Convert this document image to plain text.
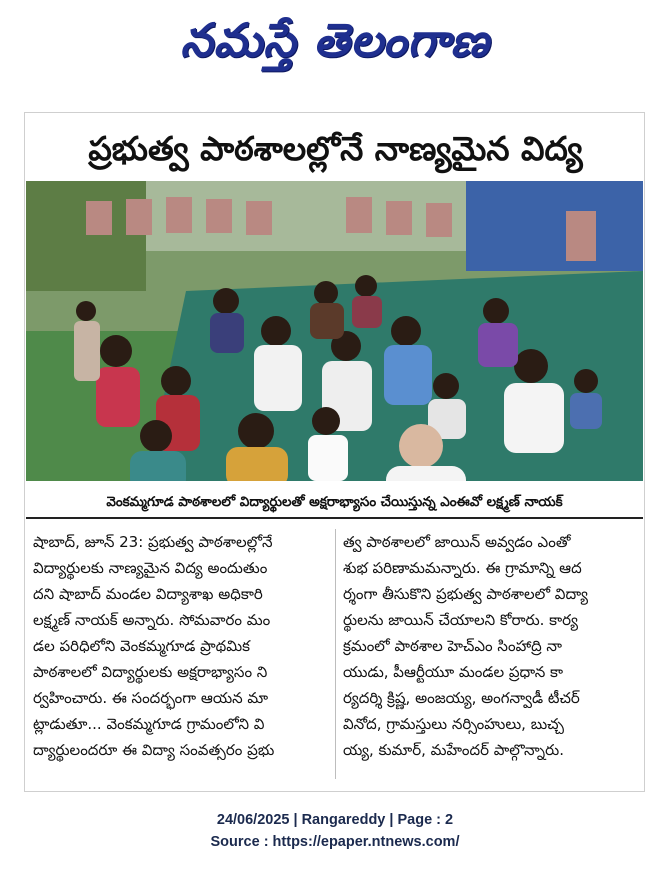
నమస్తే తెలంగాణ
ప్రభుత్వ పాఠశాలల్లోనే నాణ్యమైన విద్య
వెంకమ్మగూడ పాఠశాలలో విద్యార్థులతో అక్షరాభ్యాసం చేయిస్తున్న ఎంఈవో లక్ష్మణ్ నాయక్
షాబాద్, జూన్ 23: ప్రభుత్వ పాఠశాలల్లోనే
విద్యార్థులకు నాణ్యమైన విద్య అందుతుం
దని షాబాద్ మండల విద్యాశాఖ అధికారి
లక్ష్మణ్ నాయక్ అన్నారు. సోమవారం మం
డల పరిధిలోని వెంకమ్మగూడ ప్రాథమిక
పాఠశాలలో విద్యార్థులకు అక్షరాభ్యాసం ని
ర్వహించారు. ఈ సందర్భంగా ఆయన మా
ట్లాడుతూ... వెంకమ్మగూడ గ్రామంలోని వి
ద్యార్థులందరూ ఈ విద్యా సంవత్సరం ప్రభు
త్వ పాఠశాలలో జాయిన్ అవ్వడం ఎంతో
శుభ పరిణామమన్నారు. ఈ గ్రామాన్ని ఆద
ర్శంగా తీసుకొని ప్రభుత్వ పాఠశాలలో విద్యా
ర్థులను జాయిన్ చేయాలని కోరారు. కార్య
క్రమంలో పాఠశాల హెచ్ఎం సింహాద్రి నా
యుడు, పీఆర్టీయూ మండల ప్రధాన కా
ర్యదర్శి క్రిష్ణ, అంజయ్య, అంగన్వాడీ టీచర్
వినోద, గ్రామస్తులు నర్సింహులు, బుచ్చ
య్య, కుమార్, మహేందర్ పాల్గొన్నారు.
24/06/2025 | Rangareddy | Page : 2
Source : https://epaper.ntnews.com/
